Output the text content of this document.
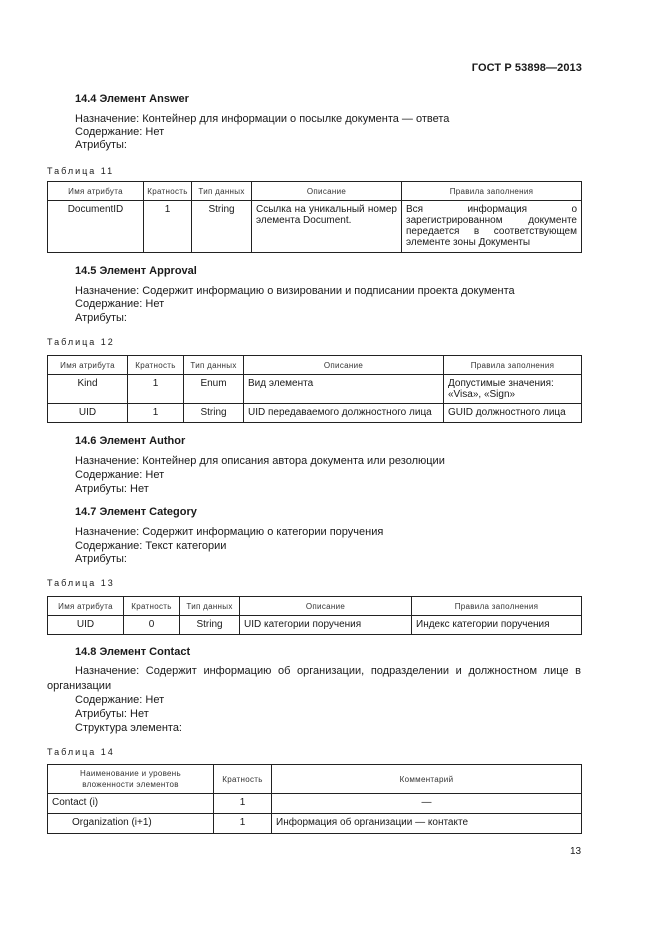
ГОСТ Р 53898—2013
14.4 Элемент Answer
Назначение: Контейнер для информации о посылке документа — ответа
Содержание: Нет
Атрибуты:
Таблица 11
Имя атрибута	Кратность	Тип данных	Описание	Правила заполнения
DocumentID	1	String	Ссылка на уникальный номер элемента Document.	Вся информация о зарегистрированном документе передается в соответствующем элементе зоны Документы
14.5 Элемент Approval
Назначение: Содержит информацию о визировании и подписании проекта документа
Содержание: Нет
Атрибуты:
Таблица 12
Имя атрибута	Кратность	Тип данных	Описание	Правила заполнения
Kind	1	Enum	Вид элемента	Допустимые значения: «Visa», «Sign»
UID	1	String	UID передаваемого должностного лица	GUID должностного лица
14.6 Элемент Author
Назначение: Контейнер для описания автора документа или резолюции
Содержание: Нет
Атрибуты: Нет
14.7 Элемент Category
Назначение: Содержит информацию о категории поручения
Содержание: Текст категории
Атрибуты:
Таблица 13
Имя атрибута	Кратность	Тип данных	Описание	Правила заполнения
UID	0	String	UID категории поручения	Индекс категории поручения
14.8 Элемент Contact
Назначение: Содержит информацию об организации, подразделении и должностном лице в организации
Содержание: Нет
Атрибуты: Нет
Структура элемента:
Таблица 14
Наименование и уровень вложенности элементов	Кратность	Комментарий
Contact (i)	1	—
Organization (i+1)	1	Информация об организации — контакте
13
